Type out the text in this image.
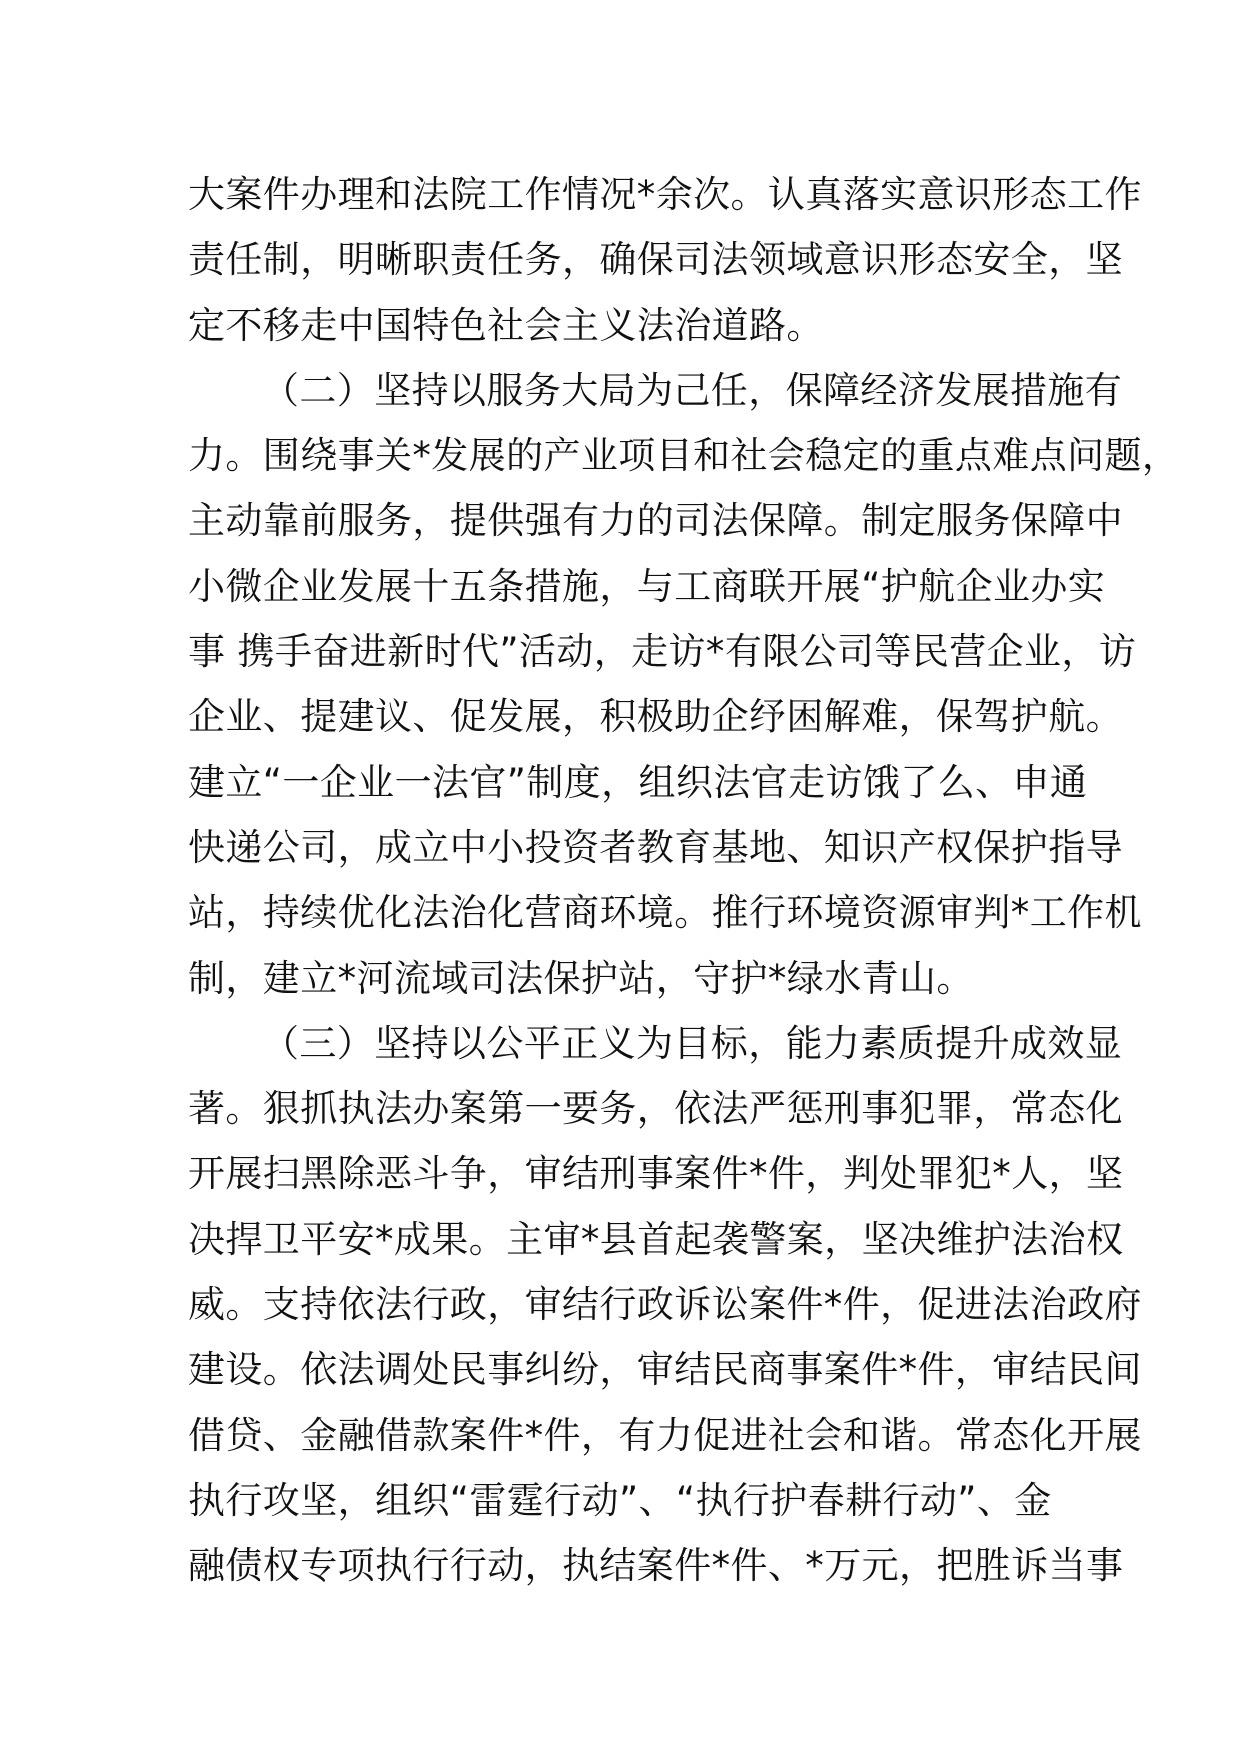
大案件办理和法院工作情况*余次。认真落实意识形态工作
责任制，明晰职责任务，确保司法领域意识形态安全，坚
定不移走中国特色社会主义法治道路。
（二）坚持以服务大局为己任，保障经济发展措施有
力。围绕事关*发展的产业项目和社会稳定的重点难点问题，
主动靠前服务，提供强有力的司法保障。制定服务保障中
小微企业发展十五条措施，与工商联开展“护航企业办实
事 携手奋进新时代”活动，走访*有限公司等民营企业，访
企业、提建议、促发展，积极助企纾困解难，保驾护航。
建立“一企业一法官”制度，组织法官走访饿了么、申通
快递公司，成立中小投资者教育基地、知识产权保护指导
站，持续优化法治化营商环境。推行环境资源审判*工作机
制，建立*河流域司法保护站，守护*绿水青山。
（三）坚持以公平正义为目标，能力素质提升成效显
著。狠抓执法办案第一要务，依法严惩刑事犯罪，常态化
开展扫黑除恶斗争，审结刑事案件*件，判处罪犯*人，坚
决捍卫平安*成果。主审*县首起袭警案，坚决维护法治权
威。支持依法行政，审结行政诉讼案件*件，促进法治政府
建设。依法调处民事纠纷，审结民商事案件*件，审结民间
借贷、金融借款案件*件，有力促进社会和谐。常态化开展
执行攻坚，组织“雷霆行动”、“执行护春耕行动”、金
融债权专项执行行动，执结案件*件、*万元，把胜诉当事
